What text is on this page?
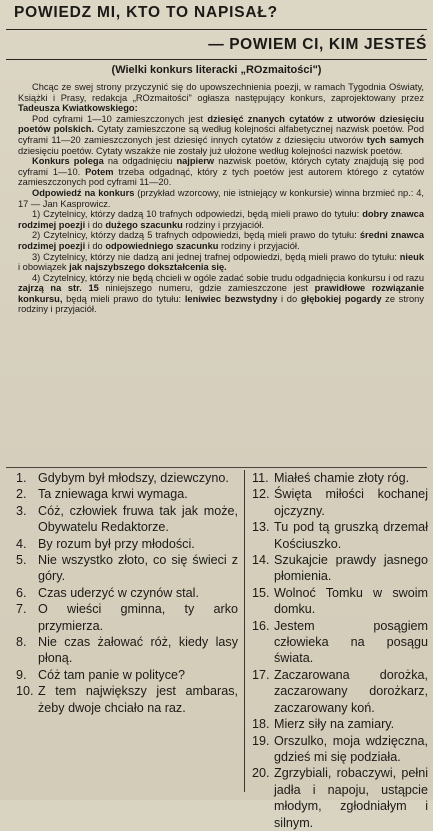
POWIEDZ MI, KTO TO NAPISAŁ?
— POWIEM CI, KIM JESTEŚ
(Wielki konkurs literacki „ROzmaitości")

Chcąc ze swej strony przyczynić się do upowszechnienia poezji, w ramach Tygodnia Oświaty, Książki i Prasy, redakcja „ROzmaitości" ogłasza następujący konkurs, zaprojektowany przez Tadeusza Kwiatkowskiego:

Pod cyframi 1—10 zamieszczonych jest dziesięć znanych cytatów z utworów dziesięciu poetów polskich. Cytaty zamieszczone są według kolejności alfabetycznej nazwisk poetów. Pod cyframi 11—20 zamieszczonych jest dziesięć innych cytatów z dziesięciu utworów tych samych dziesięciu poetów. Cytaty wszakże nie zostały już ułożone według kolejności nazwisk poetów.

Konkurs polega na odgadnięciu najpierw nazwisk poetów, których cytaty znajdują się pod cyframi 1—10. Potem trzeba odgadnąć, który z tych poetów jest autorem którego z cytatów zamieszczonych pod cyframi 11—20.

Odpowiedź na konkurs (przykład wzorcowy, nie istniejący w konkursie) winna brzmieć np.: 4, 17 — Jan Kasprowicz.

1) Czytelnicy, którzy dadzą 10 trafnych odpowiedzi, będą mieli prawo do tytułu: dobry znawca rodzimej poezji i do dużego szacunku rodziny i przyjaciół.

2) Czytelnicy, którzy dadzą 5 trafnych odpowiedzi, będą mieli prawo do tytułu: średni znawca rodzimej poezji i do odpowiedniego szacunku rodziny i przyjaciół.

3) Czytelnicy, którzy nie dadzą ani jednej trafnej odpowiedzi, będą mieli prawo do tytułu: nieuk i obowiązek jak najszybszego dokształcenia się.

4) Czytelnicy, którzy nie będą chcieli w ogóle zadać sobie trudu odgadnięcia konkursu i od razu zajrzą na str. 15 niniejszego numeru, gdzie zamieszczone jest prawidłowe rozwiązanie konkursu, będą mieli prawo do tytułu: leniwiec bezwstydny i do głębokiej pogardy ze strony rodziny i przyjaciół.

1. Gdybym był młodszy, dziewczyno.
2. Ta zniewaga krwi wymaga.
3. Cóż, człowiek fruwa tak jak może, Obywatelu Redaktorze.
4. By rozum był przy młodości.
5. Nie wszystko złoto, co się świeci z góry.
6. Czas uderzyć w czynów stal.
7. O wieści gminna, ty arko przymierza.
8. Nie czas żałować róż, kiedy lasy płoną.
9. Cóż tam panie w polityce?
10. Z tem największy jest ambaras, żeby dwoje chciało na raz.
11. Miałeś chamie złoty róg.
12. Święta miłości kochanej ojczyzny.
13. Tu pod tą gruszką drzemał Kościuszko.
14. Szukajcie prawdy jasnego płomienia.
15. Wolnoć Tomku w swoim domku.
16. Jestem posągiem człowieka na posągu świata.
17. Zaczarowana dorożka, zaczarowany dorożkarz, zaczarowany koń.
18. Mierz siły na zamiary.
19. Orszulko, moja wdzięczna, gdzieś mi się podziała.
20. Zgrzybiali, robaczywi, pełni jadła i napoju, ustąpcie młodym, zgłodniałym i silnym.
